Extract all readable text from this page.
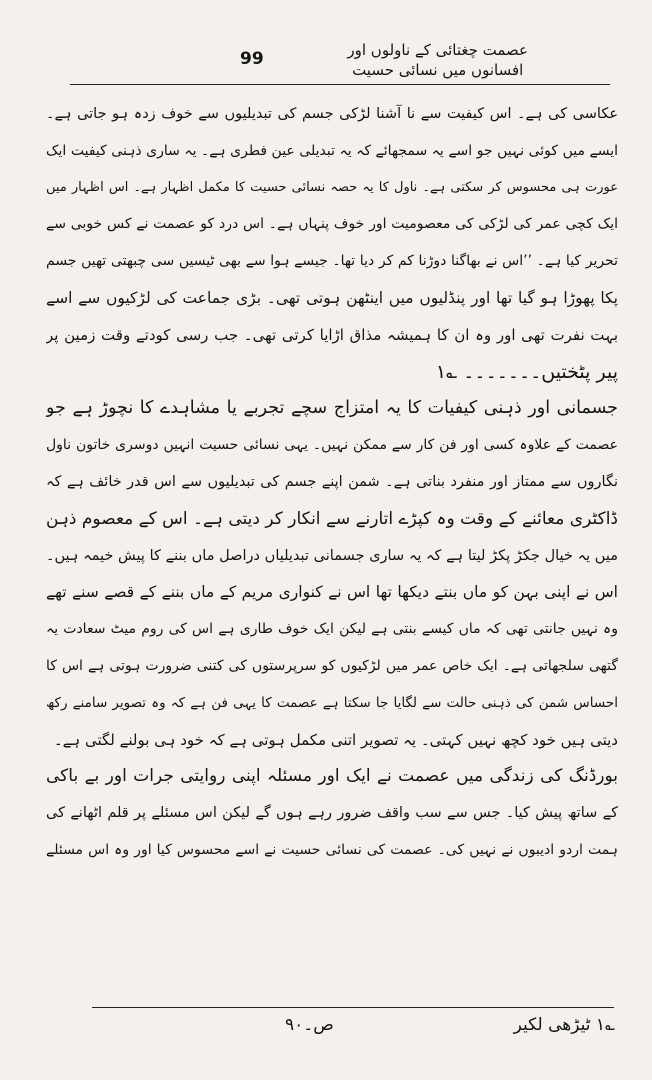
99	عصمت چغتائی کے ناولوں اور
افسانوں میں نسائی حسیت
عکاسی کی ہے۔ اس کیفیت سے نا آشنا لڑکی جسم کی تبدیلیوں سے خوف زدہ ہو جاتی ہے۔
ایسے میں کوئی نہیں جو اسے یہ سمجھائے کہ یہ تبدیلی عین فطری ہے۔ یہ ساری ذہنی کیفیت ایک
عورت ہی محسوس کر سکتی ہے۔ ناول کا یہ حصہ نسائی حسیت کا مکمل اظہار ہے۔ اس اظہار میں
ایک کچی عمر کی لڑکی کی معصومیت اور خوف پنہاں ہے۔ اس درد کو عصمت نے کس خوبی سے
تحریر کیا ہے۔ ’’اس نے بھاگنا دوڑنا کم کر دیا تھا۔ جیسے ہوا سے بھی ٹیسیں سی چبھتی تھیں جسم
پکا پھوڑا ہو گیا تھا اور پنڈلیوں میں اینٹھن ہوتی تھی۔ بڑی جماعت کی لڑکیوں سے اسے
بہت نفرت تھی اور وہ ان کا ہمیشہ مذاق اڑایا کرتی تھی۔ جب رسی کودتے وقت زمین پر
پیر پٹختیں۔۔۔۔۔۔۔ ؎۱
جسمانی اور ذہنی کیفیات کا یہ امتزاج سچے تجربے یا مشاہدے کا نچوڑ ہے جو
عصمت کے علاوہ کسی اور فن کار سے ممکن نہیں۔ یہی نسائی حسیت انہیں دوسری خاتون ناول
نگاروں سے ممتاز اور منفرد بناتی ہے۔ شمن اپنے جسم کی تبدیلیوں سے اس قدر خائف ہے کہ
ڈاکٹری معائنے کے وقت وہ کپڑے اتارنے سے انکار کر دیتی ہے۔ اس کے معصوم ذہن
میں یہ خیال جکڑ پکڑ لیتا ہے کہ یہ ساری جسمانی تبدیلیاں دراصل ماں بننے کا پیش خیمہ ہیں۔
اس نے اپنی بہن کو ماں بنتے دیکھا تھا اس نے کنواری مریم کے ماں بننے کے قصے سنے تھے
وہ نہیں جانتی تھی کہ ماں کیسے بنتی ہے لیکن ایک خوف طاری ہے اس کی روم میٹ سعادت یہ
گتھی سلجھاتی ہے۔ ایک خاص عمر میں لڑکیوں کو سرپرستوں کی کتنی ضرورت ہوتی ہے اس کا
احساس شمن کی ذہنی حالت سے لگایا جا سکتا ہے عصمت کا یہی فن ہے کہ وہ تصویر سامنے رکھ
دیتی ہیں خود کچھ نہیں کہتی۔ یہ تصویر اتنی مکمل ہوتی ہے کہ خود ہی بولنے لگتی ہے۔
بورڈنگ کی زندگی میں عصمت نے ایک اور مسئلہ اپنی روایتی جرات اور بے باکی
کے ساتھ پیش کیا۔ جس سے سب واقف ضرور رہے ہوں گے لیکن اس مسئلے پر قلم اٹھانے کی
ہمت اردو ادیبوں نے نہیں کی۔ عصمت کی نسائی حسیت نے اسے محسوس کیا اور وہ اس مسئلے
؎۱ ٹیڑھی لکیر
ص۔۹۰
